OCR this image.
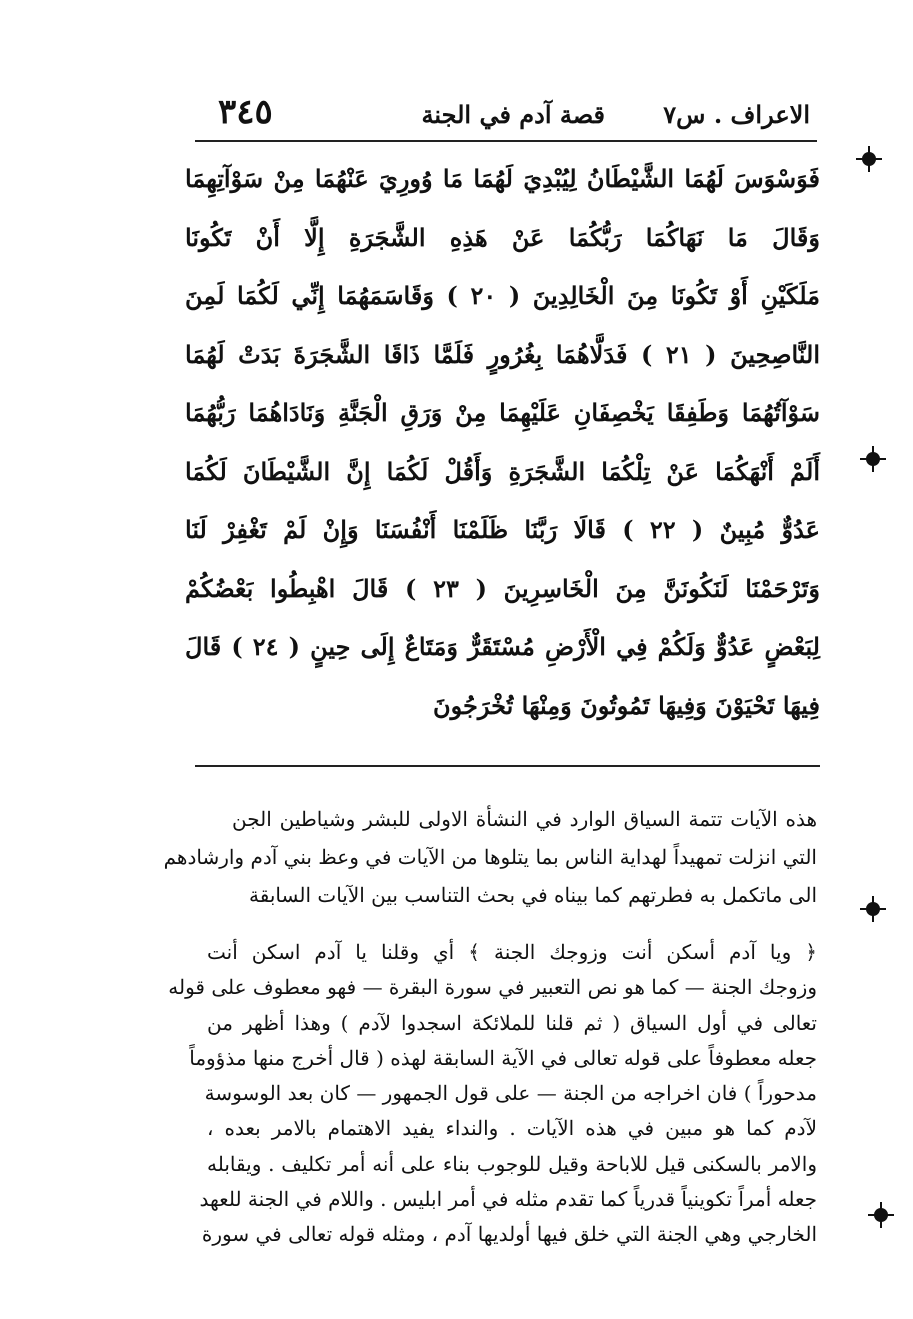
الاعراف . س٧
قصة آدم في الجنة
٣٤٥
فَوَسْوَسَ لَهُمَا الشَّيْطَانُ لِيُبْدِيَ لَهُمَا مَا وُورِيَ عَنْهُمَا مِنْ سَوْآتِهِمَا
وَقَالَ مَا نَهَاكُمَا رَبُّكُمَا عَنْ هَذِهِ الشَّجَرَةِ إِلَّا أَنْ تَكُونَا
مَلَكَيْنِ أَوْ تَكُونَا مِنَ الْخَالِدِينَ ( ٢٠ ) وَقَاسَمَهُمَا إِنِّي لَكُمَا لَمِنَ
النَّاصِحِينَ ( ٢١ ) فَدَلَّاهُمَا بِغُرُورٍ فَلَمَّا ذَاقَا الشَّجَرَةَ بَدَتْ لَهُمَا
سَوْآتُهُمَا وَطَفِقَا يَخْصِفَانِ عَلَيْهِمَا مِنْ وَرَقِ الْجَنَّةِ وَنَادَاهُمَا رَبُّهُمَا
أَلَمْ أَنْهَكُمَا عَنْ تِلْكُمَا الشَّجَرَةِ وَأَقُلْ لَكُمَا إِنَّ الشَّيْطَانَ لَكُمَا
عَدُوٌّ مُبِينٌ ( ٢٢ ) قَالَا رَبَّنَا ظَلَمْنَا أَنْفُسَنَا وَإِنْ لَمْ تَغْفِرْ لَنَا
وَتَرْحَمْنَا لَنَكُونَنَّ مِنَ الْخَاسِرِينَ ( ٢٣ ) قَالَ اهْبِطُوا بَعْضُكُمْ
لِبَعْضٍ عَدُوٌّ وَلَكُمْ فِي الْأَرْضِ مُسْتَقَرٌّ وَمَتَاعٌ إِلَى حِينٍ ( ٢٤ ) قَالَ
فِيهَا تَحْيَوْنَ وَفِيهَا تَمُوتُونَ وَمِنْهَا تُخْرَجُونَ
هذه الآيات تتمة السياق الوارد في النشأة الاولى للبشر وشياطين الجن
التي انزلت تمهيداً لهداية الناس بما يتلوها من الآيات في وعظ بني آدم وارشادهم
الى ماتكمل به فطرتهم كما بيناه في بحث التناسب بين الآيات السابقة
﴿ ويا آدم أسكن أنت وزوجك الجنة ﴾ أي وقلنا يا آدم اسكن أنت
وزوجك الجنة — كما هو نص التعبير في سورة البقرة — فهو معطوف على قوله
تعالى في أول السياق ( ثم قلنا للملائكة اسجدوا لآدم ) وهذا أظهر من
جعله معطوفاً على قوله تعالى في الآية السابقة لهذه ( قال أخرج منها مذؤوماً
مدحوراً ) فان اخراجه من الجنة — على قول الجمهور — كان بعد الوسوسة
لآدم كما هو مبين في هذه الآيات . والنداء يفيد الاهتمام بالامر بعده ،
والامر بالسكنى قيل للاباحة وقيل للوجوب بناء على أنه أمر تكليف . ويقابله
جعله أمراً تكوينياً قدرياً كما تقدم مثله في أمر ابليس . واللام في الجنة للعهد
الخارجي وهي الجنة التي خلق فيها أولديها آدم ، ومثله قوله تعالى في سورة
